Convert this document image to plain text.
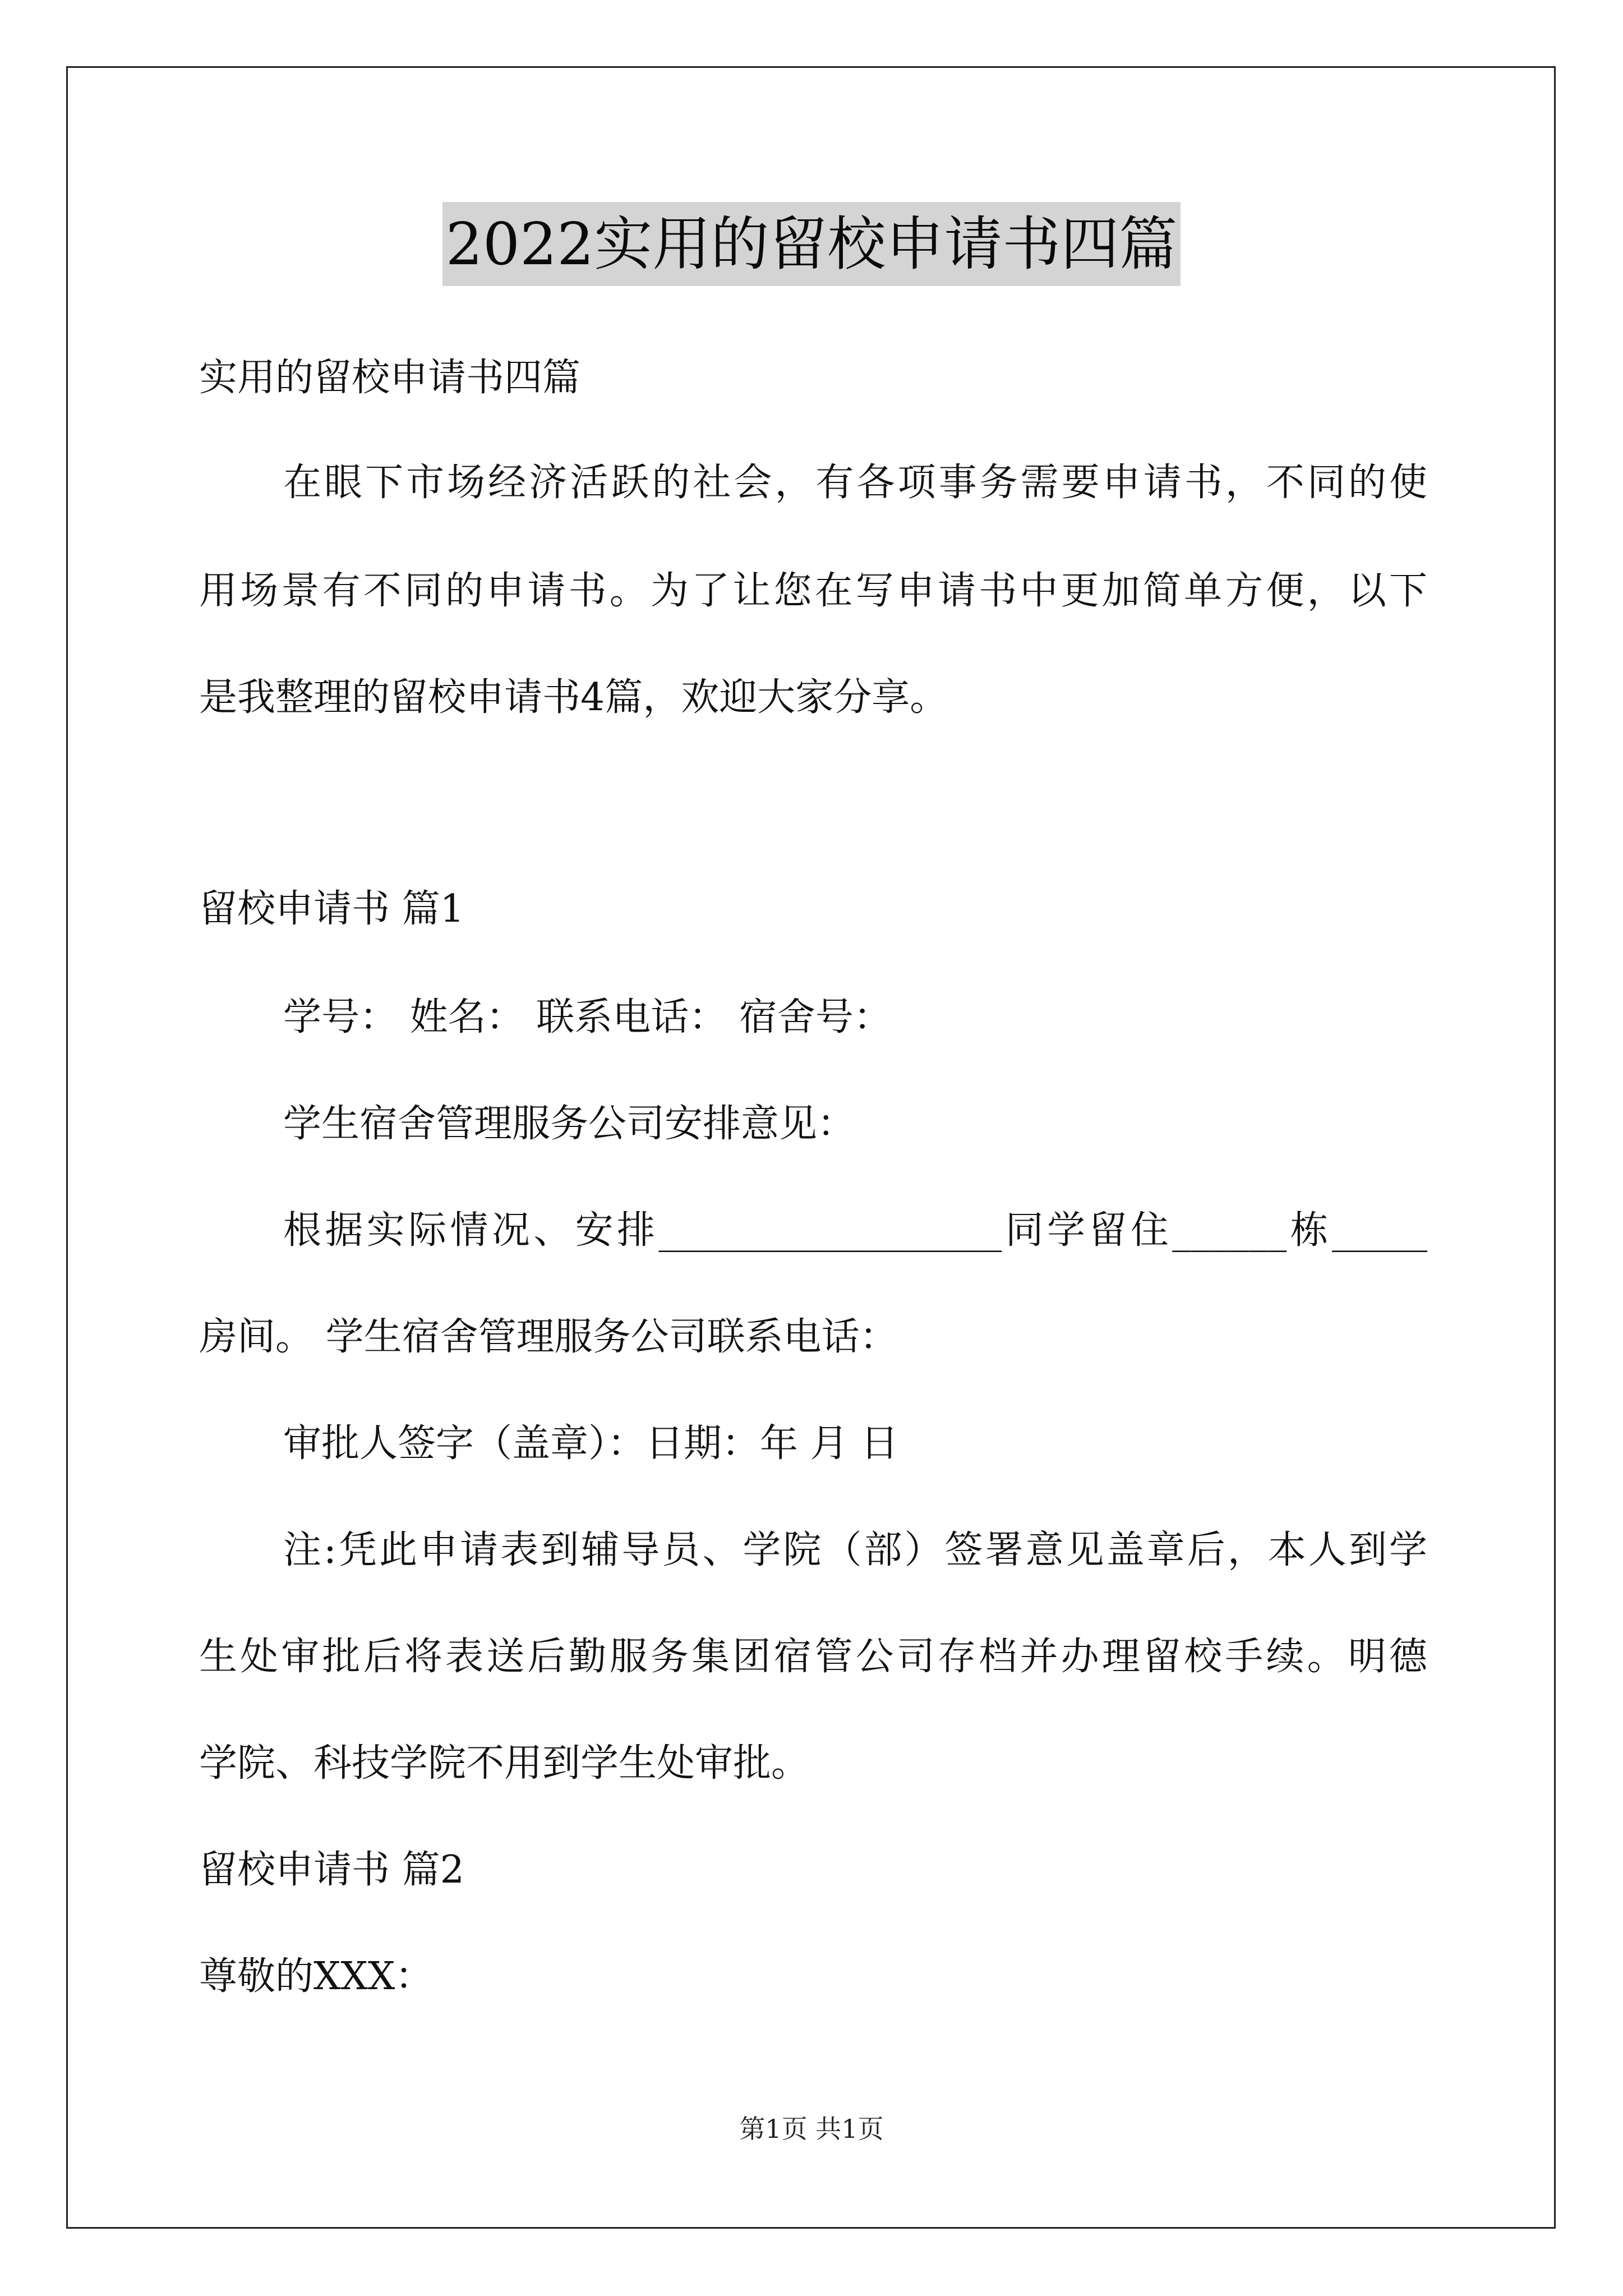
2022实用的留校申请书四篇
实用的留校申请书四篇
在眼下市场经济活跃的社会，有各项事务需要申请书，不同的使
用场景有不同的申请书。为了让您在写申请书中更加简单方便，以下
是我整理的留校申请书4篇，欢迎大家分享。
留校申请书 篇1
学号： 姓名： 联系电话： 宿舍号：
学生宿舍管理服务公司安排意见：
根据实际情况、安排__________________同学留住______栋_____
房间。 学生宿舍管理服务公司联系电话：
审批人签字（盖章）：日期：年 月 日
注:凭此申请表到辅导员、学院（部）签署意见盖章后，本人到学
生处审批后将表送后勤服务集团宿管公司存档并办理留校手续。明德
学院、科技学院不用到学生处审批。
留校申请书 篇2
尊敬的XXX：
第1页 共1页
